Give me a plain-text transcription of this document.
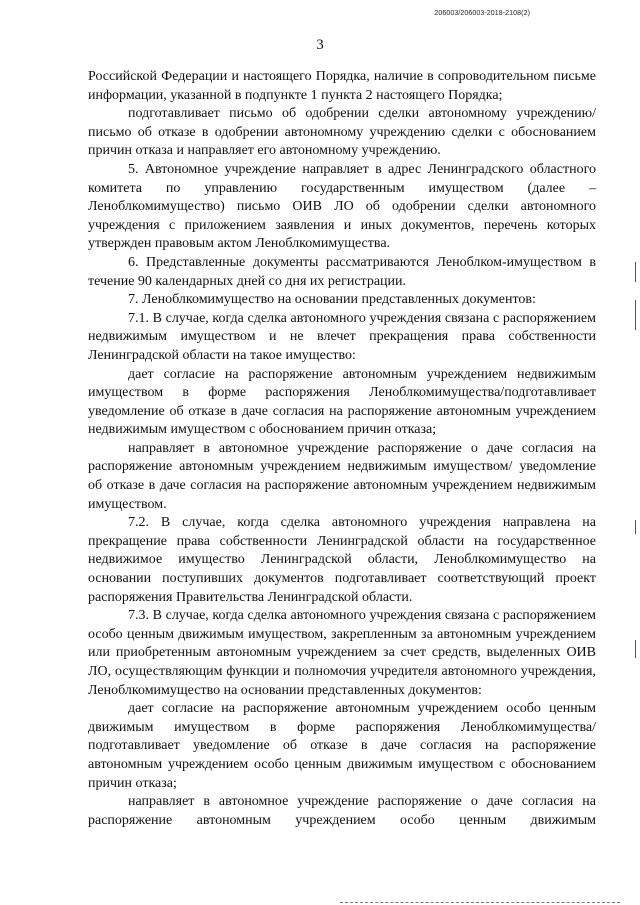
206003/206003-2018-2108(2)
3

Российской Федерации и настоящего Порядка, наличие в сопроводительном письме информации, указанной в подпункте 1 пункта 2 настоящего Порядка;

подготавливает письмо об одобрении сделки автономному учреждению/письмо об отказе в одобрении автономному учреждению сделки с обоснованием причин отказа и направляет его автономному учреждению.

5. Автономное учреждение направляет в адрес Ленинградского областного комитета по управлению государственным имуществом (далее – Леноблкомимущество) письмо ОИВ ЛО об одобрении сделки автономного учреждения с приложением заявления и иных документов, перечень которых утвержден правовым актом Леноблкомимущества.

6. Представленные документы рассматриваются Леноблком-имуществом в течение 90 календарных дней со дня их регистрации.

7. Леноблкомимущество на основании представленных документов:

7.1. В случае, когда сделка автономного учреждения связана с распоряжением недвижимым имуществом и не влечет прекращения права собственности Ленинградской области на такое имущество:

дает согласие на распоряжение автономным учреждением недвижимым имуществом в форме распоряжения Леноблкомимущества/подготавливает уведомление об отказе в даче согласия на распоряжение автономным учреждением недвижимым имуществом с обоснованием причин отказа;

направляет в автономное учреждение распоряжение о даче согласия на распоряжение автономным учреждением недвижимым имуществом/ уведомление об отказе в даче согласия на распоряжение автономным учреждением недвижимым имуществом.

7.2. В случае, когда сделка автономного учреждения направлена на прекращение права собственности Ленинградской области на государственное недвижимое имущество Ленинградской области, Леноблкомимущество на основании поступивших документов подготавливает соответствующий проект распоряжения Правительства Ленинградской области.

7.3. В случае, когда сделка автономного учреждения связана с распоряжением особо ценным движимым имуществом, закрепленным за автономным учреждением или приобретенным автономным учреждением за счет средств, выделенных ОИВ ЛО, осуществляющим функции и полномочия учредителя автономного учреждения, Леноблкомимущество на основании представленных документов:

дает согласие на распоряжение автономным учреждением особо ценным движимым имуществом в форме распоряжения Леноблкомимущества/подготавливает уведомление об отказе в даче согласия на распоряжение автономным учреждением особо ценным движимым имуществом с обоснованием причин отказа;

направляет в автономное учреждение распоряжение о даче согласия на распоряжение автономным учреждением особо ценным движимым
